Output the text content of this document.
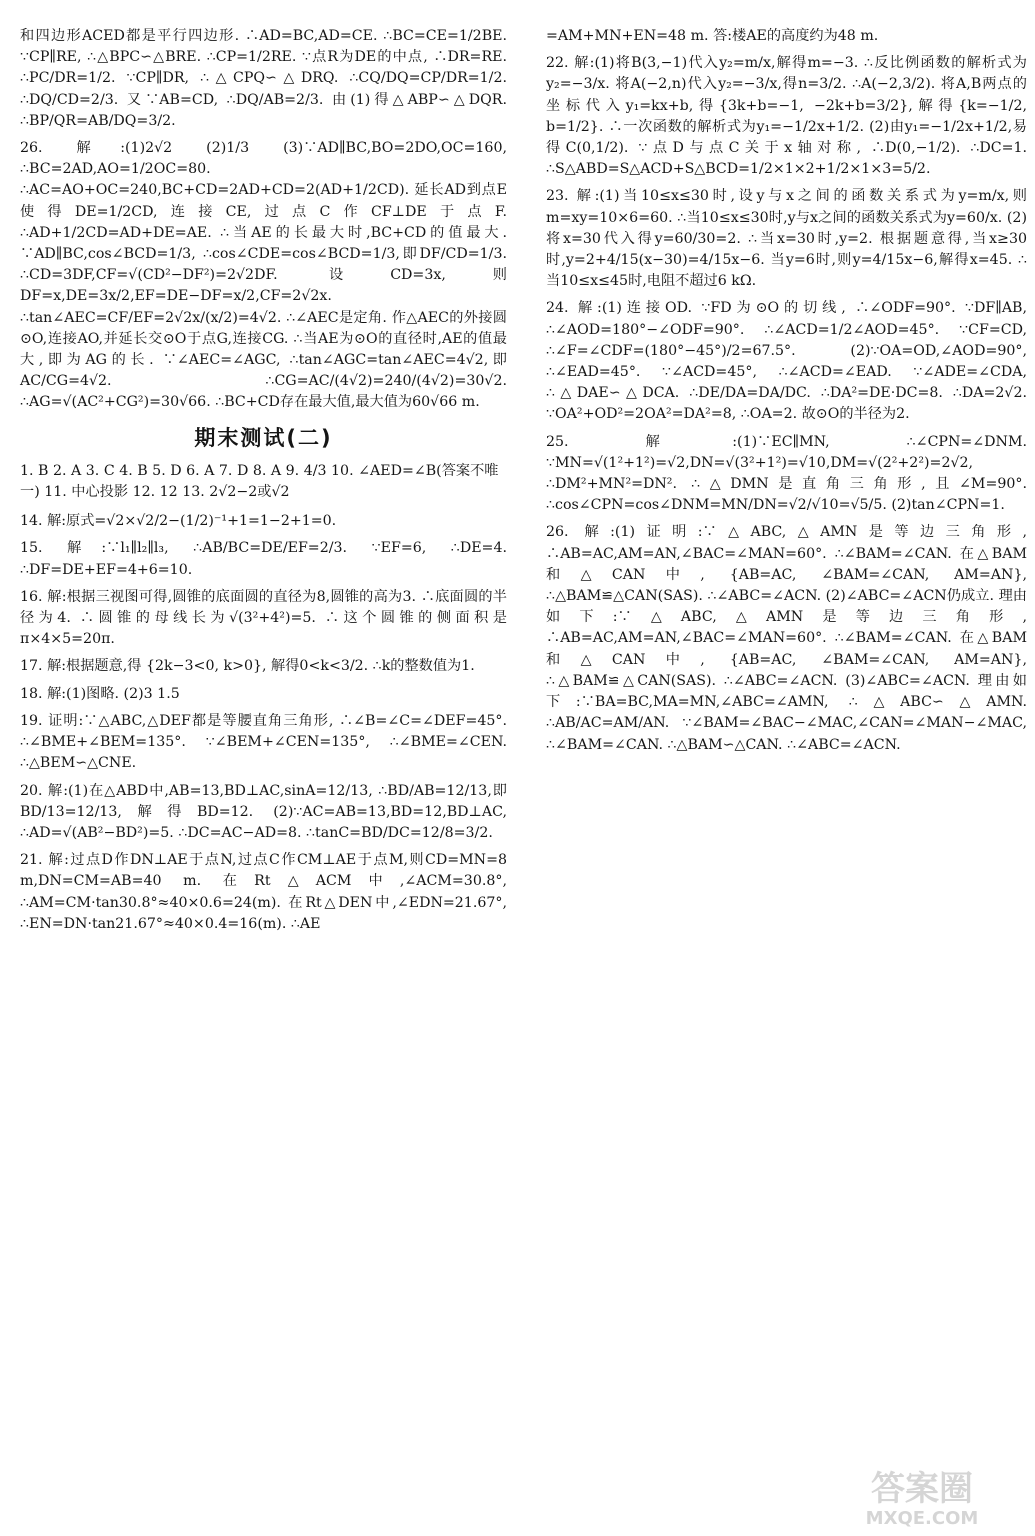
和四边形ACED都是平行四边形. ∴AD=BC,AD=CE. ∴BC=CE=1/2BE. ∵CP∥RE, ∴△BPC∽△BRE. ∴CP=1/2RE. ∵点R为DE的中点, ∴DR=RE. ∴PC/DR=1/2. ∵CP∥DR, ∴△CPQ∽△DRQ. ∴CQ/DQ=CP/DR=1/2. ∴DQ/CD=2/3. 又∵AB=CD, ∴DQ/AB=2/3. 由(1)得△ABP∽△DQR. ∴BP/QR=AB/DQ=3/2.

26. 解:(1)2√2 (2)1/3 (3)∵AD∥BC,BO=2DO,OC=160, ∴BC=2AD,AO=1/2OC=80. ∴AC=AO+OC=240,BC+CD=2AD+CD=2(AD+1/2CD). 延长AD到点E使得DE=1/2CD,连接CE,过点C作CF⊥DE于点F. ∴AD+1/2CD=AD+DE=AE. ∴当AE的长最大时,BC+CD的值最大. ∵AD∥BC,cos∠BCD=1/3, ∴cos∠CDE=cos∠BCD=1/3,即DF/CD=1/3. ∴CD=3DF,CF=√(CD²−DF²)=2√2DF. 设CD=3x,则DF=x,DE=3x/2,EF=DE−DF=x/2,CF=2√2x. ∴tan∠AEC=CF/EF=2√2x/(x/2)=4√2. ∴∠AEC是定角. 作△AEC的外接圆⊙O,连接AO,并延长交⊙O于点G,连接CG. ∴当AE为⊙O的直径时,AE的值最大,即为AG的长. ∵∠AEC=∠AGC, ∴tan∠AGC=tan∠AEC=4√2,即AC/CG=4√2. ∴CG=AC/(4√2)=240/(4√2)=30√2. ∴AG=√(AC²+CG²)=30√66. ∴BC+CD存在最大值,最大值为60√66 m.

期末测试(二)

1. B 2. A 3. C 4. B 5. D 6. A 7. D 8. A 9. 4/3 10. ∠AED=∠B(答案不唯一) 11. 中心投影 12. 12 13. 2√2−2或√2

14. 解:原式=√2×√2/2−(1/2)⁻¹+1=1−2+1=0.

15. 解:∵l₁∥l₂∥l₃, ∴AB/BC=DE/EF=2/3. ∵EF=6, ∴DE=4. ∴DF=DE+EF=4+6=10.

16. 解:根据三视图可得,圆锥的底面圆的直径为8,圆锥的高为3. ∴底面圆的半径为4. ∴圆锥的母线长为√(3²+4²)=5. ∴这个圆锥的侧面积是π×4×5=20π.

17. 解:根据题意,得 {2k−3<0, k>0}, 解得0<k<3/2. ∴k的整数值为1.

18. 解:(1)图略. (2)3 1.5

19. 证明:∵△ABC,△DEF都是等腰直角三角形, ∴∠B=∠C=∠DEF=45°. ∴∠BME+∠BEM=135°. ∵∠BEM+∠CEN=135°, ∴∠BME=∠CEN. ∴△BEM∽△CNE.

20. 解:(1)在△ABD中,AB=13,BD⊥AC,sinA=12/13, ∴BD/AB=12/13,即BD/13=12/13,解得BD=12. (2)∵AC=AB=13,BD=12,BD⊥AC, ∴AD=√(AB²−BD²)=5. ∴DC=AC−AD=8. ∴tanC=BD/DC=12/8=3/2.

21. 解:过点D作DN⊥AE于点N,过点C作CM⊥AE于点M,则CD=MN=8 m,DN=CM=AB=40 m. 在Rt△ACM中,∠ACM=30.8°, ∴AM=CM·tan30.8°≈40×0.6=24(m). 在Rt△DEN中,∠EDN=21.67°, ∴EN=DN·tan21.67°≈40×0.4=16(m). ∴AE

=AM+MN+EN=48 m. 答:楼AE的高度约为48 m.

22. 解:(1)将B(3,−1)代入y₂=m/x,解得m=−3. ∴反比例函数的解析式为y₂=−3/x. 将A(−2,n)代入y₂=−3/x,得n=3/2. ∴A(−2,3/2). 将A,B两点的坐标代入y₁=kx+b,得{3k+b=−1, −2k+b=3/2},解得{k=−1/2, b=1/2}. ∴一次函数的解析式为y₁=−1/2x+1/2. (2)由y₁=−1/2x+1/2,易得C(0,1/2). ∵点D与点C关于x轴对称, ∴D(0,−1/2). ∴DC=1. ∴S△ABD=S△ACD+S△BCD=1/2×1×2+1/2×1×3=5/2.

23. 解:(1)当10≤x≤30时,设y与x之间的函数关系式为y=m/x,则m=xy=10×6=60. ∴当10≤x≤30时,y与x之间的函数关系式为y=60/x. (2)将x=30代入得y=60/30=2. ∴当x=30时,y=2. 根据题意得,当x≥30时,y=2+4/15(x−30)=4/15x−6. 当y=6时,则y=4/15x−6,解得x=45. ∴当10≤x≤45时,电阻不超过6 kΩ.

24. 解:(1)连接OD. ∵FD为⊙O的切线, ∴∠ODF=90°. ∵DF∥AB, ∴∠AOD=180°−∠ODF=90°. ∴∠ACD=1/2∠AOD=45°. ∵CF=CD, ∴∠F=∠CDF=(180°−45°)/2=67.5°. (2)∵OA=OD,∠AOD=90°, ∴∠EAD=45°. ∵∠ACD=45°, ∴∠ACD=∠EAD. ∵∠ADE=∠CDA, ∴△DAE∽△DCA. ∴DE/DA=DA/DC. ∴DA²=DE·DC=8. ∴DA=2√2. ∵OA²+OD²=2OA²=DA²=8, ∴OA=2. 故⊙O的半径为2.

25. 解:(1)∵EC∥MN, ∴∠CPN=∠DNM. ∵MN=√(1²+1²)=√2,DN=√(3²+1²)=√10,DM=√(2²+2²)=2√2, ∴DM²+MN²=DN². ∴△DMN是直角三角形,且∠M=90°. ∴cos∠CPN=cos∠DNM=MN/DN=√2/√10=√5/5. (2)tan∠CPN=1.

26. 解:(1)证明:∵△ABC,△AMN是等边三角形, ∴AB=AC,AM=AN,∠BAC=∠MAN=60°. ∴∠BAM=∠CAN. 在△BAM和△CAN中, {AB=AC, ∠BAM=∠CAN, AM=AN}, ∴△BAM≌△CAN(SAS). ∴∠ABC=∠ACN. (2)∠ABC=∠ACN仍成立. 理由如下:∵△ABC,△AMN是等边三角形, ∴AB=AC,AM=AN,∠BAC=∠MAN=60°. ∴∠BAM=∠CAN. 在△BAM和△CAN中, {AB=AC, ∠BAM=∠CAN, AM=AN}, ∴△BAM≌△CAN(SAS). ∴∠ABC=∠ACN. (3)∠ABC=∠ACN. 理由如下:∵BA=BC,MA=MN,∠ABC=∠AMN, ∴△ABC∽△AMN. ∴AB/AC=AM/AN. ∵∠BAM=∠BAC−∠MAC,∠CAN=∠MAN−∠MAC, ∴∠BAM=∠CAN. ∴△BAM∽△CAN. ∴∠ABC=∠ACN.

答案圈
MXQE.COM
